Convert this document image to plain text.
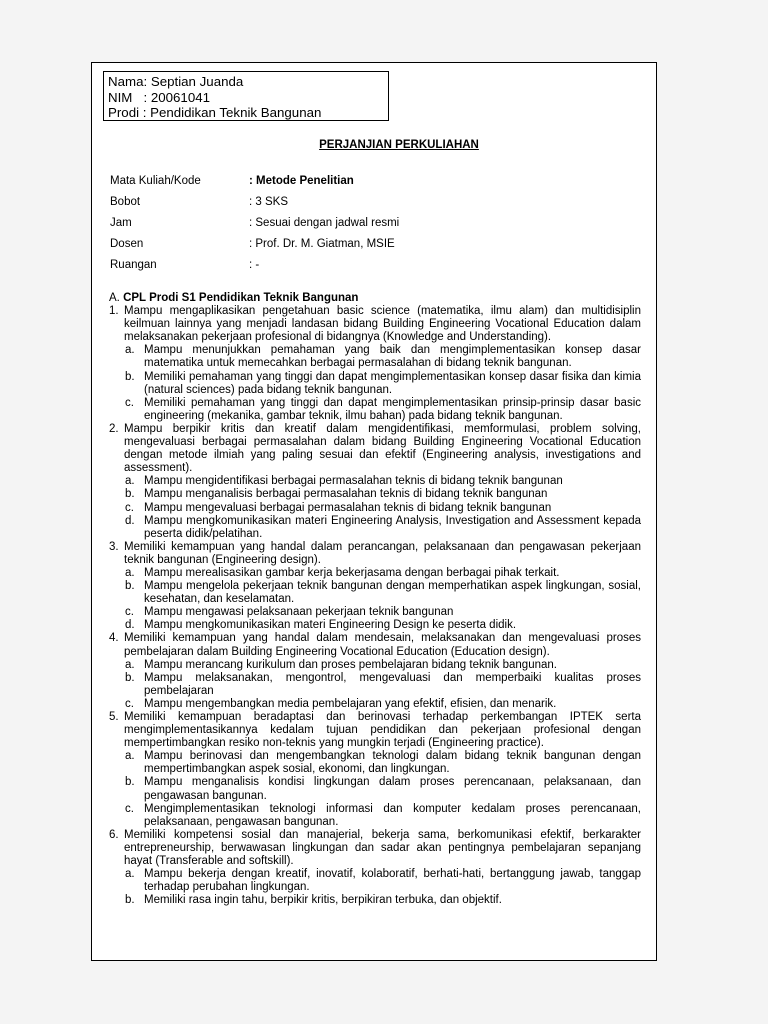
Nama: Septian Juanda
NIM   : 20061041
Prodi : Pendidikan Teknik Bangunan
PERJANJIAN PERKULIAHAN
Mata Kuliah/Kode	: Metode Penelitian
Bobot	: 3 SKS
Jam	: Sesuai dengan jadwal resmi
Dosen	: Prof. Dr. M. Giatman, MSIE
Ruangan	: -
A. CPL Prodi S1 Pendidikan Teknik Bangunan
1. Mampu mengaplikasikan pengetahuan basic science (matematika, ilmu alam) dan multidisiplin keilmuan lainnya yang menjadi landasan bidang Building Engineering Vocational Education dalam melaksanakan pekerjaan profesional di bidangnya (Knowledge and Understanding).
a. Mampu menunjukkan pemahaman yang baik dan mengimplementasikan konsep dasar matematika untuk memecahkan berbagai permasalahan di bidang teknik bangunan.
b. Memiliki pemahaman yang tinggi dan dapat mengimplementasikan konsep dasar fisika dan kimia (natural sciences) pada bidang teknik bangunan.
c. Memiliki pemahaman yang tinggi dan dapat mengimplementasikan prinsip-prinsip dasar basic engineering (mekanika, gambar teknik, ilmu bahan) pada bidang teknik bangunan.
2. Mampu berpikir kritis dan kreatif dalam mengidentifikasi, memformulasi, problem solving, mengevaluasi berbagai permasalahan dalam bidang Building Engineering Vocational Education dengan metode ilmiah yang paling sesuai dan efektif (Engineering analysis, investigations and assessment).
a. Mampu mengidentifikasi berbagai permasalahan teknis di bidang teknik bangunan
b. Mampu menganalisis berbagai permasalahan teknis di bidang teknik bangunan
c. Mampu mengevaluasi berbagai permasalahan teknis di bidang teknik bangunan
d. Mampu mengkomunikasikan materi Engineering Analysis, Investigation and Assessment kepada peserta didik/pelatihan.
3. Memiliki kemampuan yang handal dalam perancangan, pelaksanaan dan pengawasan pekerjaan teknik bangunan (Engineering design).
a. Mampu merealisasikan gambar kerja bekerjasama dengan berbagai pihak terkait.
b. Mampu mengelola pekerjaan teknik bangunan dengan memperhatikan aspek lingkungan, sosial, kesehatan, dan keselamatan.
c. Mampu mengawasi pelaksanaan pekerjaan teknik bangunan
d. Mampu mengkomunikasikan materi Engineering Design ke peserta didik.
4. Memiliki kemampuan yang handal dalam mendesain, melaksanakan dan mengevaluasi proses pembelajaran dalam Building Engineering Vocational Education (Education design).
a. Mampu merancang kurikulum dan proses pembelajaran bidang teknik bangunan.
b. Mampu melaksanakan, mengontrol, mengevaluasi dan memperbaiki kualitas proses pembelajaran
c. Mampu mengembangkan media pembelajaran yang efektif, efisien, dan menarik.
5. Memiliki kemampuan beradaptasi dan berinovasi terhadap perkembangan IPTEK serta mengimplementasikannya kedalam tujuan pendidikan dan pekerjaan profesional dengan mempertimbangkan resiko non-teknis yang mungkin terjadi (Engineering practice).
a. Mampu berinovasi dan mengembangkan teknologi dalam bidang teknik bangunan dengan mempertimbangkan aspek sosial, ekonomi, dan lingkungan.
b. Mampu menganalisis kondisi lingkungan dalam proses perencanaan, pelaksanaan, dan pengawasan bangunan.
c. Mengimplementasikan teknologi informasi dan komputer kedalam proses perencanaan, pelaksanaan, pengawasan bangunan.
6. Memiliki kompetensi sosial dan manajerial, bekerja sama, berkomunikasi efektif, berkarakter entrepreneurship, berwawasan lingkungan dan sadar akan pentingnya pembelajaran sepanjang hayat (Transferable and softskill).
a. Mampu bekerja dengan kreatif, inovatif, kolaboratif, berhati-hati, bertanggung jawab, tanggap terhadap perubahan lingkungan.
b. Memiliki rasa ingin tahu, berpikir kritis, berpikiran terbuka, dan objektif.
